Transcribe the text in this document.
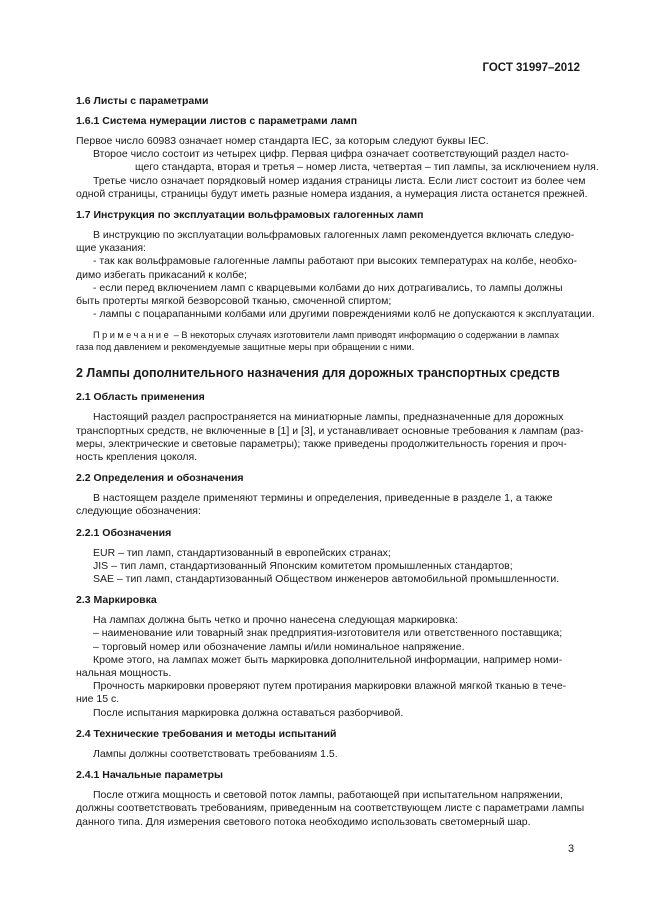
ГОСТ 31997–2012
1.6 Листы с параметрами
1.6.1 Система нумерации листов с параметрами ламп
Первое число 60983 означает номер стандарта IEC, за которым следуют буквы IEC.
Второе число состоит из четырех цифр. Первая цифра означает соответствующий раздел насто-
щего стандарта, вторая и третья – номер листа, четвертая – тип лампы, за исключением нуля.
Третье число означает порядковый номер издания страницы листа. Если лист состоит из более чем
одной страницы, страницы будут иметь разные номера издания, а нумерация листа останется прежней.
1.7 Инструкция по эксплуатации вольфрамовых галогенных ламп
В инструкцию по эксплуатации вольфрамовых галогенных ламп рекомендуется включать следую-
щие указания:
- так как вольфрамовые галогенные лампы работают при высоких температурах на колбе, необхо-
димо избегать прикасаний к колбе;
- если перед включением ламп с кварцевыми колбами до них дотрагивались, то лампы должны
быть протерты мягкой безворсовой тканью, смоченной спиртом;
- лампы с поцарапанными колбами или другими повреждениями колб не допускаются к эксплуатации.
Примечание – В некоторых случаях изготовители ламп приводят информацию о содержании в лампах
газа под давлением и рекомендуемые защитные меры при обращении с ними.
2 Лампы дополнительного назначения для дорожных транспортных средств
2.1 Область применения
Настоящий раздел распространяется на миниатюрные лампы, предназначенные для дорожных
транспортных средств, не включенные в [1] и [3], и устанавливает основные требования к лампам (раз-
меры, электрические и световые параметры); также приведены продолжительность горения и проч-
ность крепления цоколя.
2.2 Определения и обозначения
В настоящем разделе применяют термины и определения, приведенные в разделе 1, а также
следующие обозначения:
2.2.1 Обозначения
EUR – тип ламп, стандартизованный в европейских странах;
JIS – тип ламп, стандартизованный Японским комитетом промышленных стандартов;
SAE – тип ламп, стандартизованный Обществом инженеров автомобильной промышленности.
2.3 Маркировка
На лампах должна быть четко и прочно нанесена следующая маркировка:
– наименование или товарный знак предприятия-изготовителя или ответственного поставщика;
– торговый номер или обозначение лампы и/или номинальное напряжение.
Кроме этого, на лампах может быть маркировка дополнительной информации, например номи-
нальная мощность.
Прочность маркировки проверяют путем протирания маркировки влажной мягкой тканью в тече-
ние 15 с.
После испытания маркировка должна оставаться разборчивой.
2.4 Технические требования и методы испытаний
Лампы должны соответствовать требованиям 1.5.
2.4.1 Начальные параметры
После отжига мощность и световой поток лампы, работающей при испытательном напряжении,
должны соответствовать требованиям, приведенным на соответствующем листе с параметрами лампы
данного типа. Для измерения светового потока необходимо использовать светомерный шар.
3
